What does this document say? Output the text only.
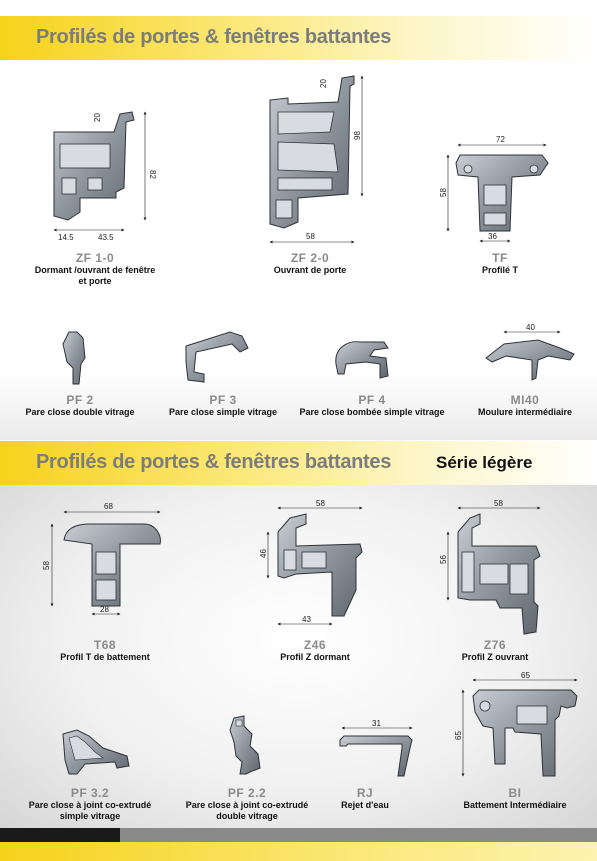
Profilés de portes & fenêtres battantes
Profilés de portes & fenêtres battantes	Série légère
20
82
14.5	43.5
ZF 1-0
Dormant /ouvrant de fenêtre
et porte
20
98
58
ZF 2-0
Ouvrant de porte
72
58
36
TF
Profilé T
PF 2
Pare close double vitrage
PF 3
Pare close simple vitrage
PF 4
Pare close bombée simple vitrage
40
MI40
Moulure intermédiaire
68
58
28
T68
Profil T de battement
58
46
43
Z46
Profil Z dormant
58
56
Z76
Profil Z ouvrant
PF 3.2
Pare close à joint co-extrudé
simple vitrage
PF 2.2
Pare close à joint co-extrudé
double vitrage
31
RJ
Rejet d'eau
65
65
BI
Battement Intermédiaire
